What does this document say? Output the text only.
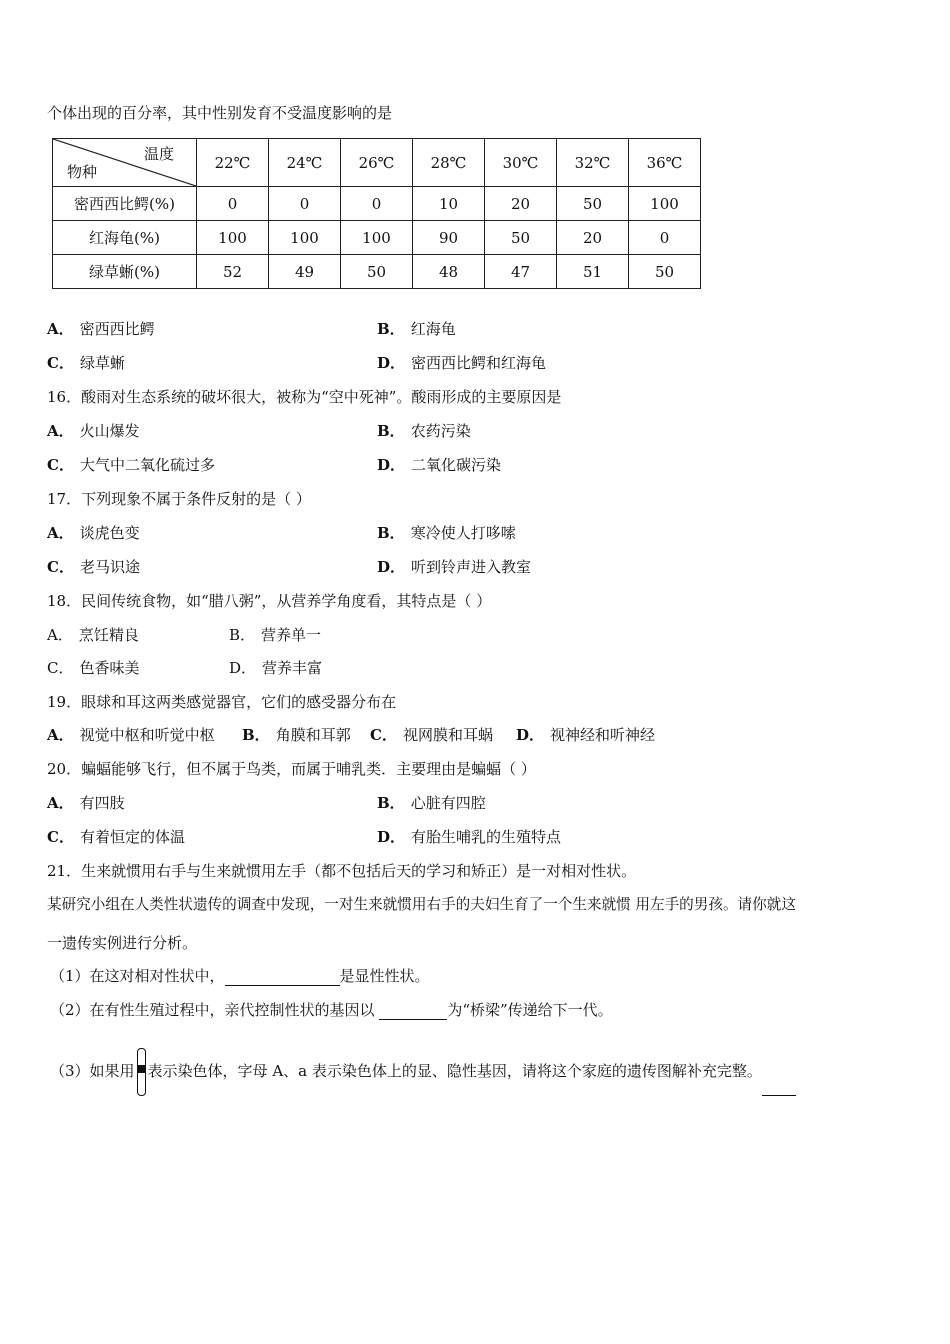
个体出现的百分率，其中性别发育不受温度影响的是
温度
物种	22℃	24℃	26℃	28℃	30℃	32℃	36℃
密西西比鳄(%)	0	0	0	10	20	50	100
红海龟(%)	100	100	100	90	50	20	0
绿草蜥(%)	52	49	50	48	47	51	50
A． 密西西比鳄	B． 红海龟
C． 绿草蜥	D． 密西西比鳄和红海龟
16．酸雨对生态系统的破坏很大，被称为“空中死神”。酸雨形成的主要原因是
A． 火山爆发	B． 农药污染
C． 大气中二氧化硫过多	D． 二氧化碳污染
17．下列现象不属于条件反射的是（ ）
A． 谈虎色变	B． 寒冷使人打哆嗦
C． 老马识途	D． 听到铃声进入教室
18．民间传统食物，如“腊八粥”，从营养学角度看，其特点是（ ）
A． 烹饪精良	B． 营养单一
C． 色香味美	D． 营养丰富
19．眼球和耳这两类感觉器官，它们的感受器分布在
A． 视觉中枢和听觉中枢 B． 角膜和耳郭 C． 视网膜和耳蜗 D． 视神经和听神经
20．蝙蝠能够飞行，但不属于鸟类，而属于哺乳类．主要理由是蝙蝠（ ）
A． 有四肢	B． 心脏有四腔
C． 有着恒定的体温	D． 有胎生哺乳的生殖特点
21．生来就惯用右手与生来就惯用左手（都不包括后天的学习和矫正）是一对相对性状。
某研究小组在人类性状遗传的调查中发现，一对生来就惯用右手的夫妇生育了一个生来就惯 用左手的男孩。请你就这
一遗传实例进行分析。
（1）在这对相对性状中，	是显性性状。
（2）在有性生殖过程中，亲代控制性状的基因以	为“桥梁”传递给下一代。
（3）如果用 表示染色体，字母 A、a 表示染色体上的显、隐性基因，请将这个家庭的遗传图解补充完整。
